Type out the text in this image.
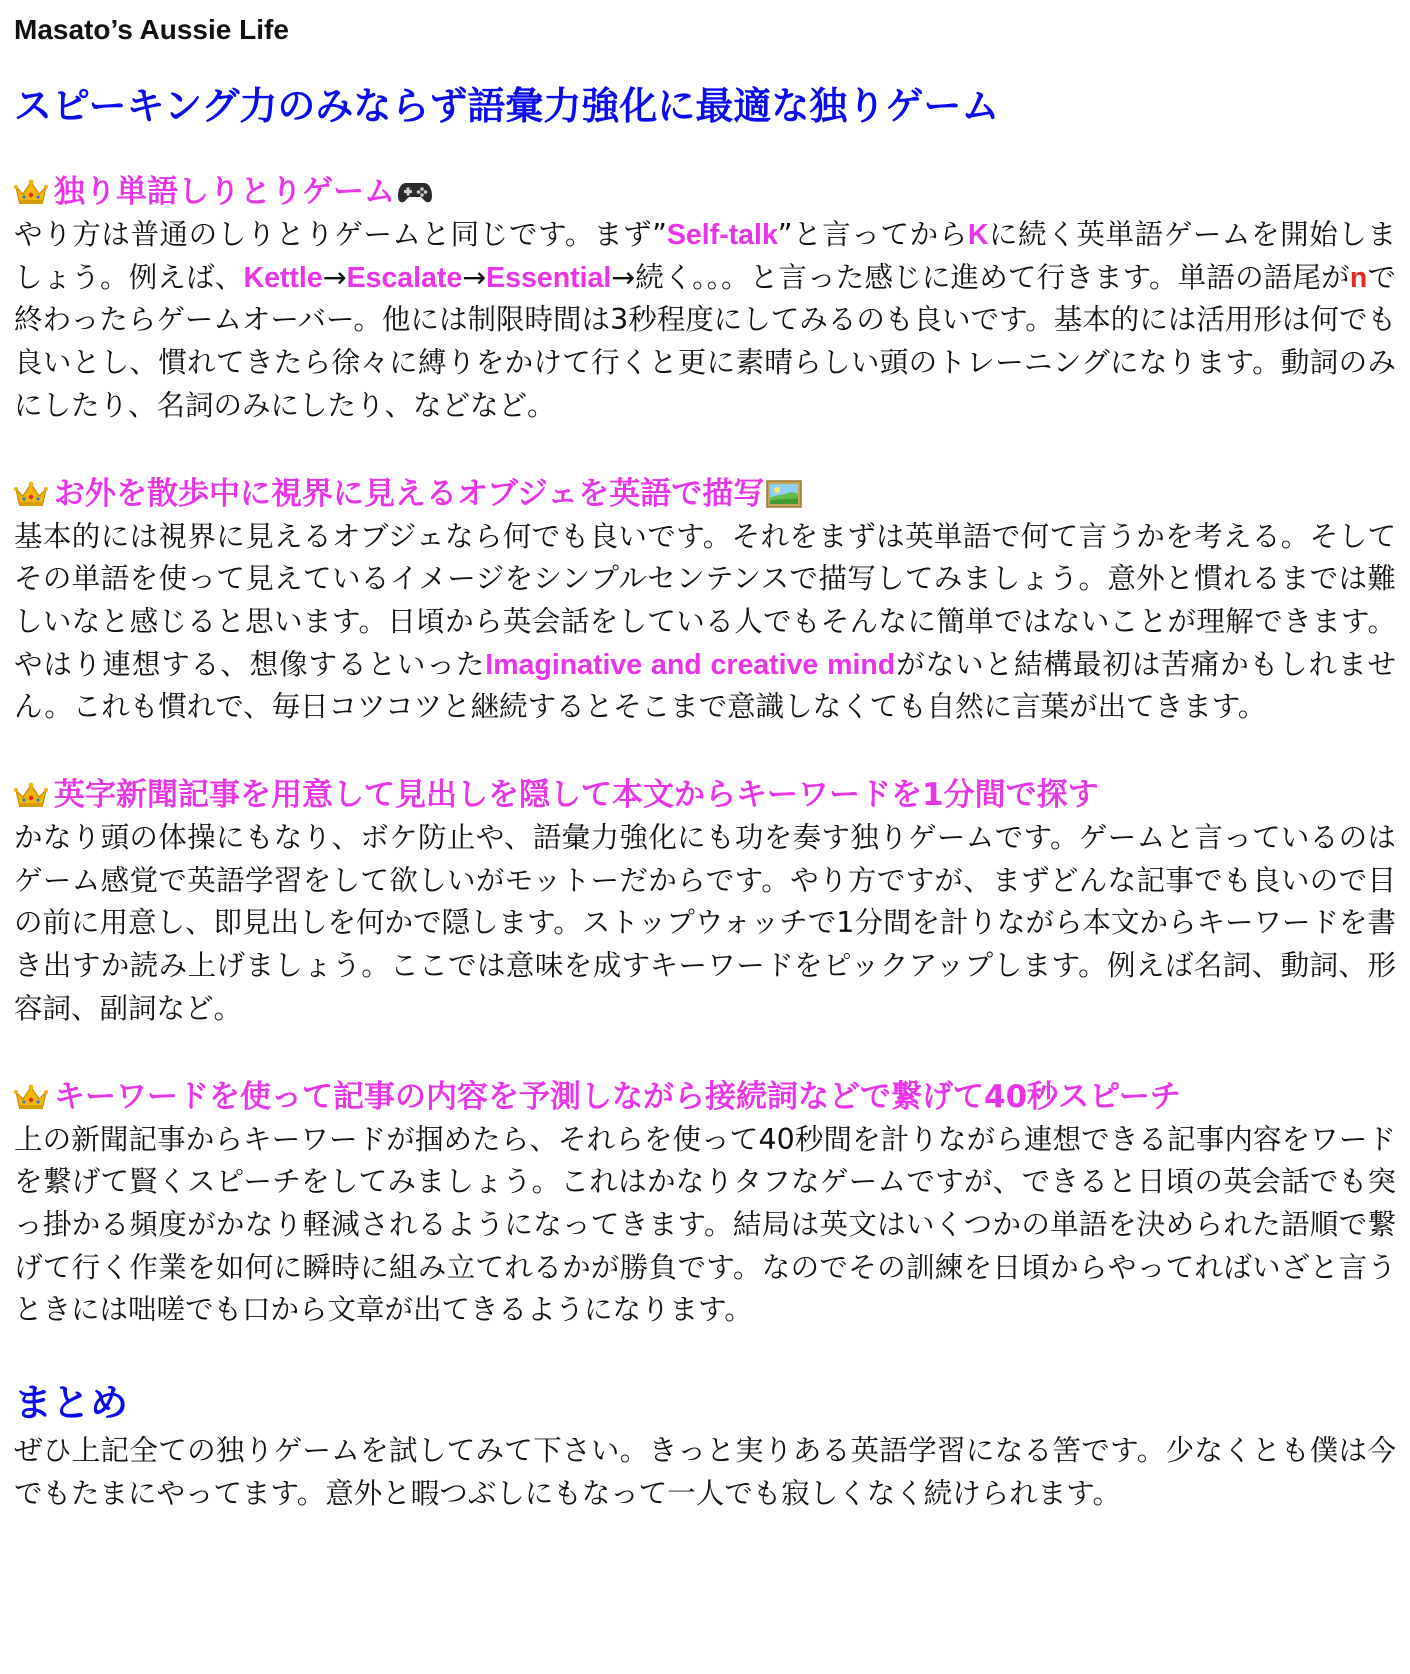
Masato’s Aussie Life
スピーキング力のみならず語彙力強化に最適な独りゲーム
独り単語しりとりゲーム

やり方は普通のしりとりゲームと同じです。まず”Self-talk”と言ってからKに続く英単語ゲームを開始しましょう。例えば、Kettle→Escalate→Essential→続く。。。と言った感じに進めて行きます。単語の語尾がnで終わったらゲームオーバー。他には制限時間は3秒程度にしてみるのも良いです。基本的には活用形は何でも良いとし、慣れてきたら徐々に縛りをかけて行くと更に素晴らしい頭のトレーニングになります。動詞のみにしたり、名詞のみにしたり、などなど。

お外を散歩中に視界に見えるオブジェを英語で描写

基本的には視界に見えるオブジェなら何でも良いです。それをまずは英単語で何て言うかを考える。そしてその単語を使って見えているイメージをシンプルセンテンスで描写してみましょう。意外と慣れるまでは難しいなと感じると思います。日頃から英会話をしている人でもそんなに簡単ではないことが理解できます。やはり連想する、想像するといったImaginative and creative mindがないと結構最初は苦痛かもしれません。これも慣れで、毎日コツコツと継続するとそこまで意識しなくても自然に言葉が出てきます。

英字新聞記事を用意して見出しを隠して本文からキーワードを1分間で探す

かなり頭の体操にもなり、ボケ防止や、語彙力強化にも功を奏す独りゲームです。ゲームと言っているのはゲーム感覚で英語学習をして欲しいがモットーだからです。やり方ですが、まずどんな記事でも良いので目の前に用意し、即見出しを何かで隠します。ストップウォッチで1分間を計りながら本文からキーワードを書き出すか読み上げましょう。ここでは意味を成すキーワードをピックアップします。例えば名詞、動詞、形容詞、副詞など。

キーワードを使って記事の内容を予測しながら接続詞などで繋げて40秒スピーチ

上の新聞記事からキーワードが掴めたら、それらを使って40秒間を計りながら連想できる記事内容をワードを繋げて賢くスピーチをしてみましょう。これはかなりタフなゲームですが、できると日頃の英会話でも突っ掛かる頻度がかなり軽減されるようになってきます。結局は英文はいくつかの単語を決められた語順で繋げて行く作業を如何に瞬時に組み立てれるかが勝負です。なのでその訓練を日頃からやってればいざと言うときには咄嗟でも口から文章が出てきるようになります。

まとめ

ぜひ上記全ての独りゲームを試してみて下さい。きっと実りある英語学習になる筈です。少なくとも僕は今でもたまにやってます。意外と暇つぶしにもなって一人でも寂しくなく続けられます。
